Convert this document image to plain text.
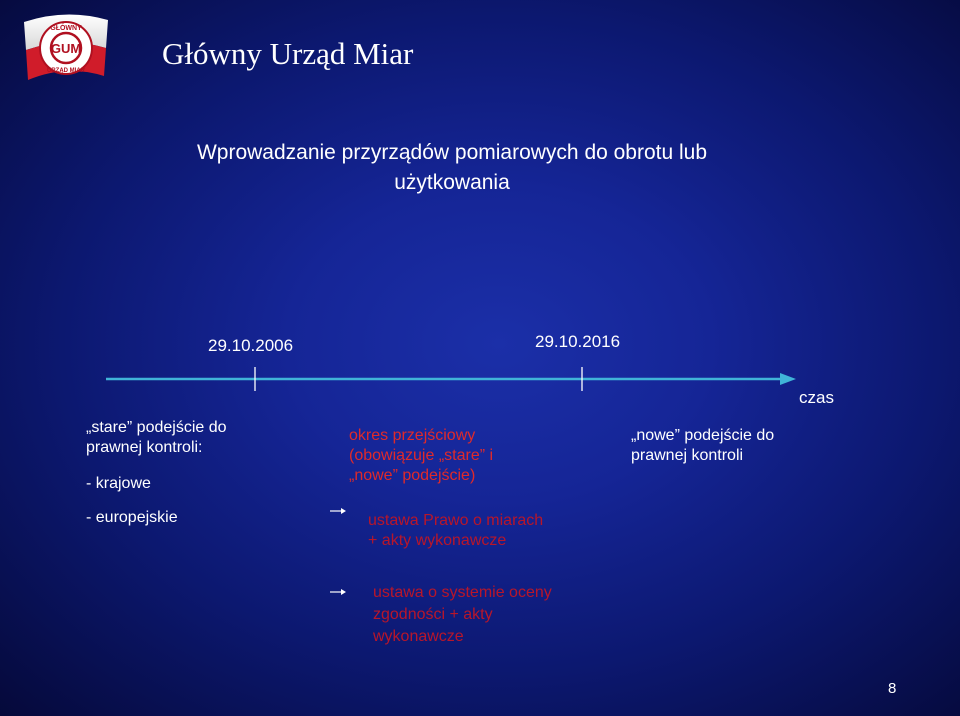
GŁÓWNY
GUM
URZĄD MIAR Główny Urząd Miar
Wprowadzanie przyrządów pomiarowych do obrotu lub
użytkowania
29.10.2006	29.10.2016
czas
„stare” podejście do
prawnej kontroli:
- krajowe
- europejskie
okres przejściowy
(obowiązuje „stare” i
„nowe” podejście)
„nowe” podejście do
prawnej kontroli
ustawa Prawo o miarach
+ akty wykonawcze
ustawa o systemie oceny
zgodności + akty
wykonawcze
8
